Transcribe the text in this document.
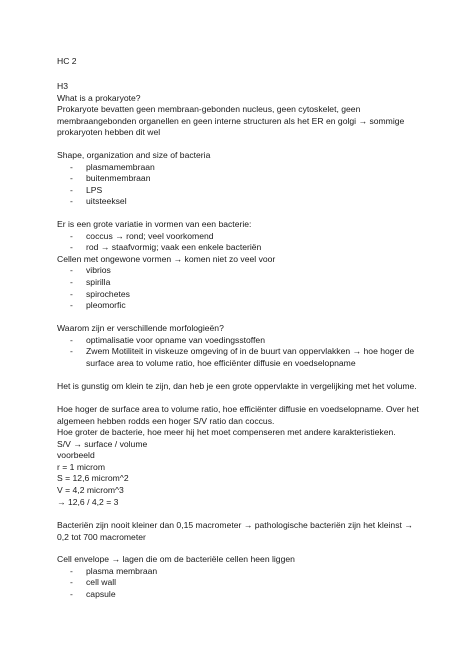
HC 2

H3

What is a prokaryote?

Prokaryote bevatten geen membraan-gebonden nucleus, geen cytoskelet, geen membraangebonden organellen en geen interne structuren als het ER en golgi → sommige prokaryoten hebben dit wel

Shape, organization and size of bacteria

- plasmamembraan

- buitenmembraan

- LPS

- uitsteeksel

Er is een grote variatie in vormen van een bacterie:

- coccus → rond; veel voorkomend

- rod → staafvormig; vaak een enkele bacteriën

Cellen met ongewone vormen → komen niet zo veel voor

- vibrios

- spirilla

- spirochetes

- pleomorfic

Waarom zijn er verschillende morfologieën?

- optimalisatie voor opname van voedingsstoffen

- Zwem Motiliteit in viskeuze omgeving of in de buurt van oppervlakken → hoe hoger de surface area to volume ratio, hoe efficiënter diffusie en voedselopname

Het is gunstig om klein te zijn, dan heb je een grote oppervlakte in vergelijking met het volume.

Hoe hoger de surface area to volume ratio, hoe efficiënter diffusie en voedselopname. Over het algemeen hebben rodds een hoger S/V ratio dan coccus.

Hoe groter de bacterie, hoe meer hij het moet compenseren met andere karakteristieken.

S/V → surface / volume

voorbeeld

r = 1 microm

S = 12,6 microm^2

V = 4,2 microm^3

→ 12,6 / 4,2 = 3

Bacteriën zijn nooit kleiner dan 0,15 macrometer → pathologische bacteriën zijn het kleinst → 0,2 tot 700 macrometer

Cell envelope → lagen die om de bacteriële cellen heen liggen

- plasma membraan

- cell wall

- capsule
